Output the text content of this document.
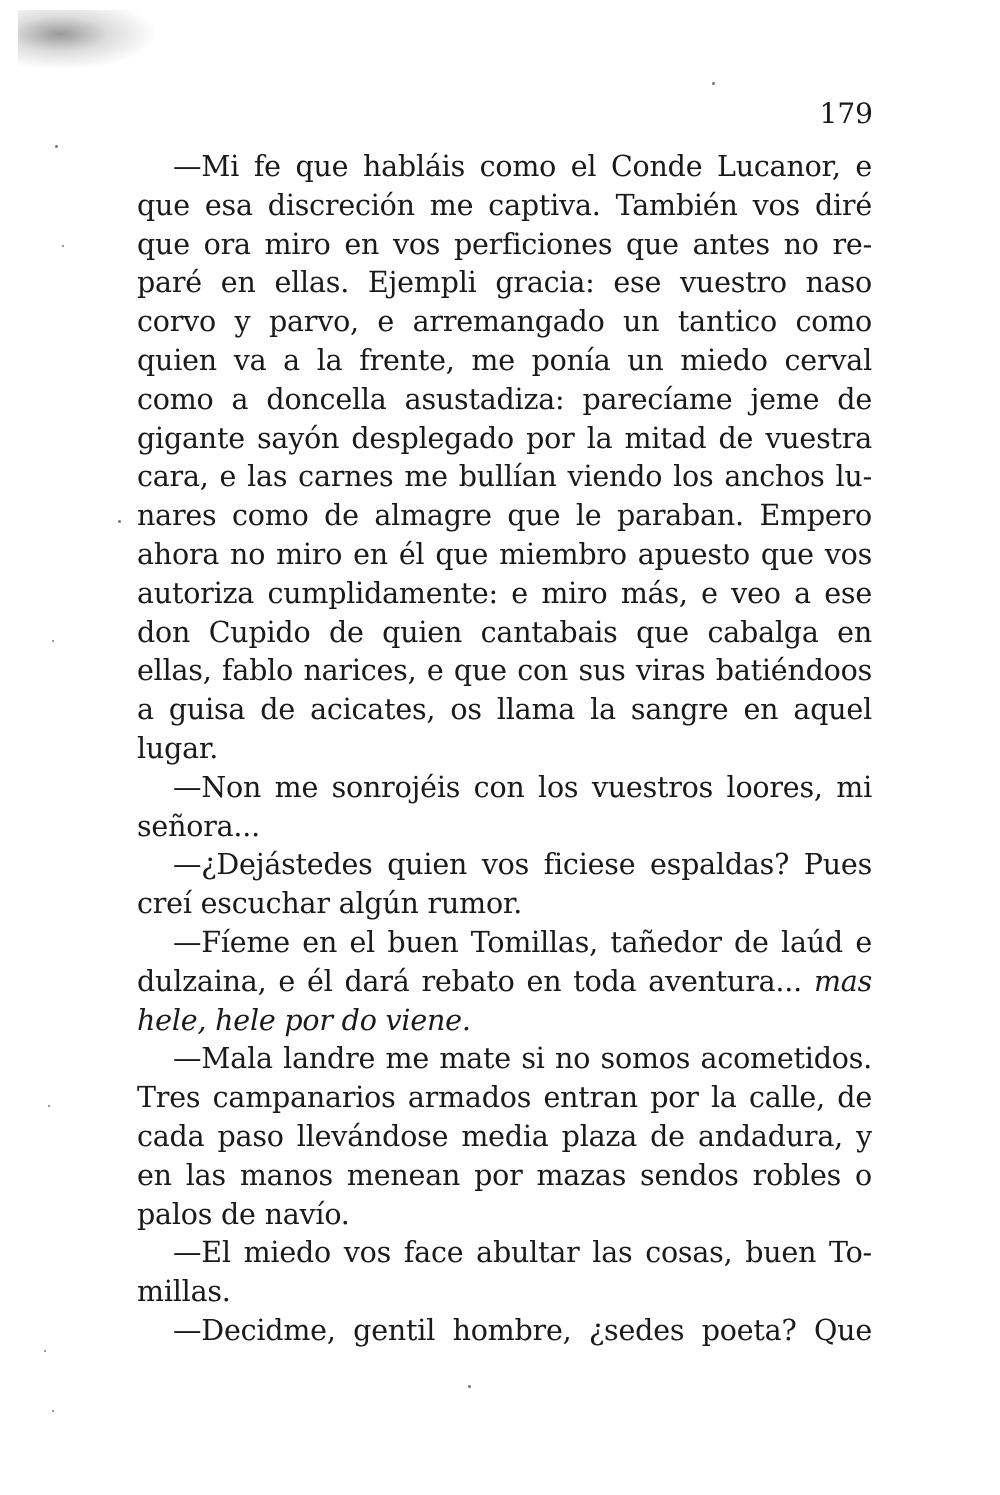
179
—Mi fe que habláis como el Conde Lucanor, e
que esa discreción me captiva. También vos diré
que ora miro en vos perficiones que antes no re-
paré en ellas. Ejempli gracia: ese vuestro naso
corvo y parvo, e arremangado un tantico como
quien va a la frente, me ponía un miedo cerval
como a doncella asustadiza: parecíame jeme de
gigante sayón desplegado por la mitad de vuestra
cara, e las carnes me bullían viendo los anchos lu-
nares como de almagre que le paraban. Empero
ahora no miro en él que miembro apuesto que vos
autoriza cumplidamente: e miro más, e veo a ese
don Cupido de quien cantabais que cabalga en
ellas, fablo narices, e que con sus viras batiéndoos
a guisa de acicates, os llama la sangre en aquel
lugar.
—Non me sonrojéis con los vuestros loores, mi
señora...
—¿Dejástedes quien vos ficiese espaldas? Pues
creí escuchar algún rumor.
—Fíeme en el buen Tomillas, tañedor de laúd e
dulzaina, e él dará rebato en toda aventura... mas
hele, hele por do viene.
—Mala landre me mate si no somos acometidos.
Tres campanarios armados entran por la calle, de
cada paso llevándose media plaza de andadura, y
en las manos menean por mazas sendos robles o
palos de navío.
—El miedo vos face abultar las cosas, buen To-
millas.
—Decidme, gentil hombre, ¿sedes poeta? Que
